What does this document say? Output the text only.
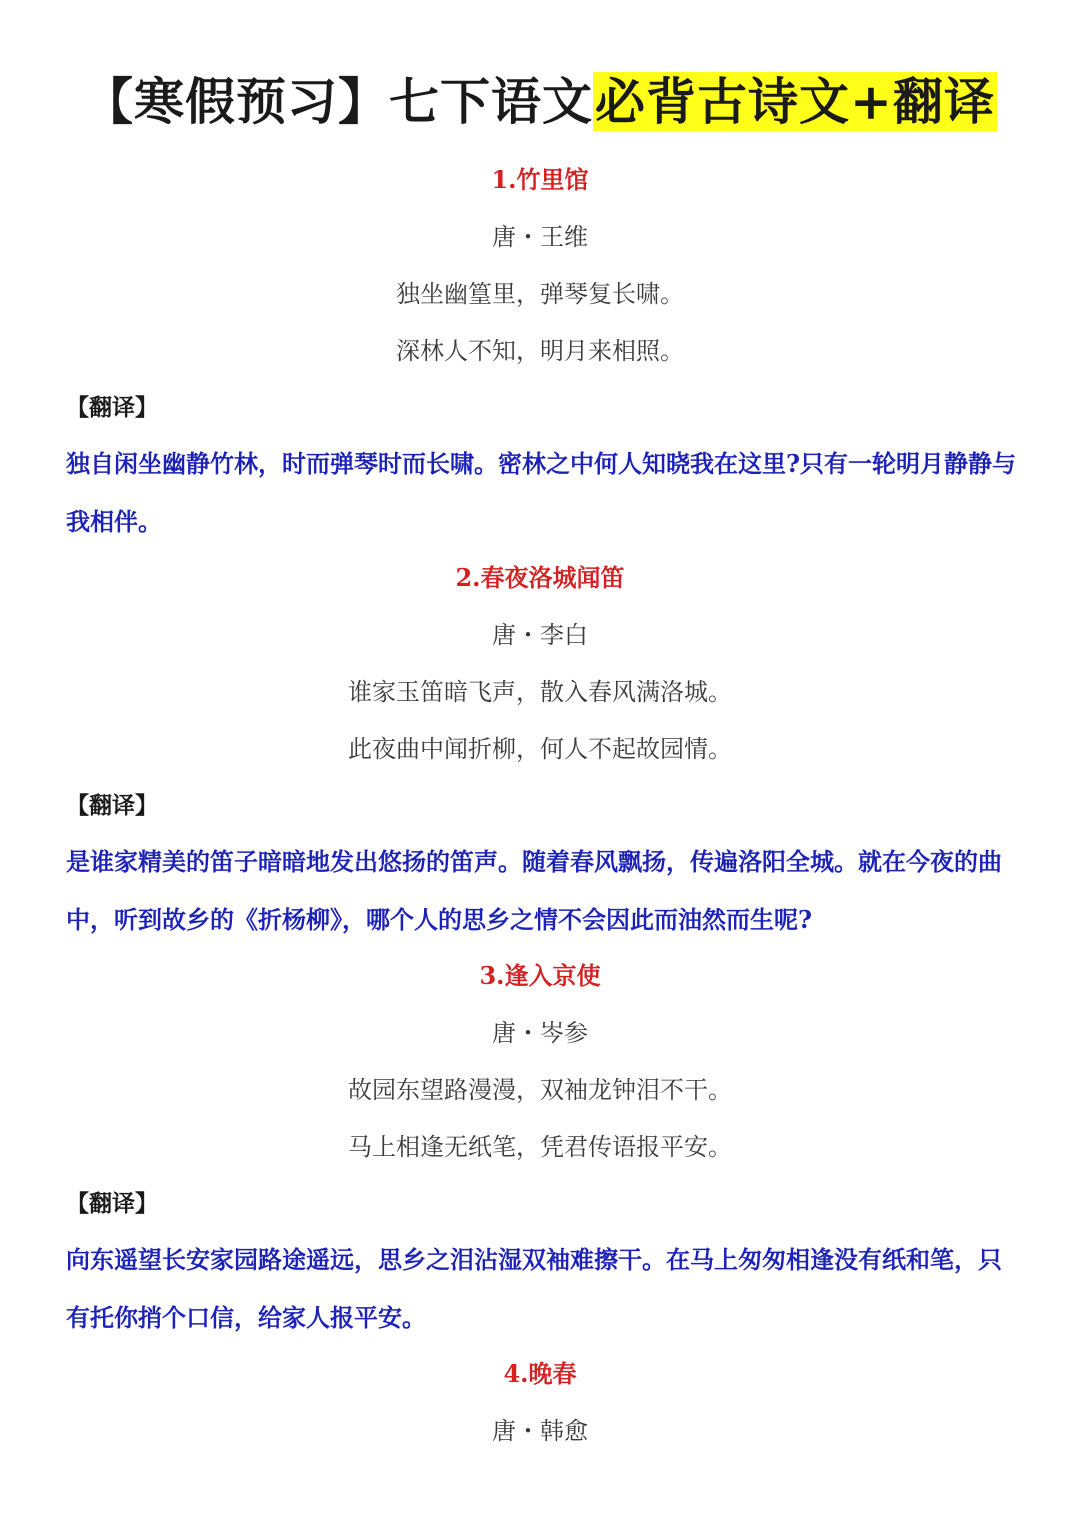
【寒假预习】七下语文必背古诗文+翻译
1.竹里馆
唐・王维
独坐幽篁里，弹琴复长啸。
深林人不知，明月来相照。
【翻译】
独自闲坐幽静竹林，时而弹琴时而长啸。密林之中何人知晓我在这里?只有一轮明月静静与我相伴。
2.春夜洛城闻笛
唐・李白
谁家玉笛暗飞声，散入春风满洛城。
此夜曲中闻折柳，何人不起故园情。
【翻译】
是谁家精美的笛子暗暗地发出悠扬的笛声。随着春风飘扬，传遍洛阳全城。就在今夜的曲中，听到故乡的《折杨柳》，哪个人的思乡之情不会因此而油然而生呢?
3.逢入京使
唐・岑参
故园东望路漫漫，双袖龙钟泪不干。
马上相逢无纸笔，凭君传语报平安。
【翻译】
向东遥望长安家园路途遥远，思乡之泪沾湿双袖难擦干。在马上匆匆相逢没有纸和笔，只有托你捎个口信，给家人报平安。
4.晚春
唐・韩愈
